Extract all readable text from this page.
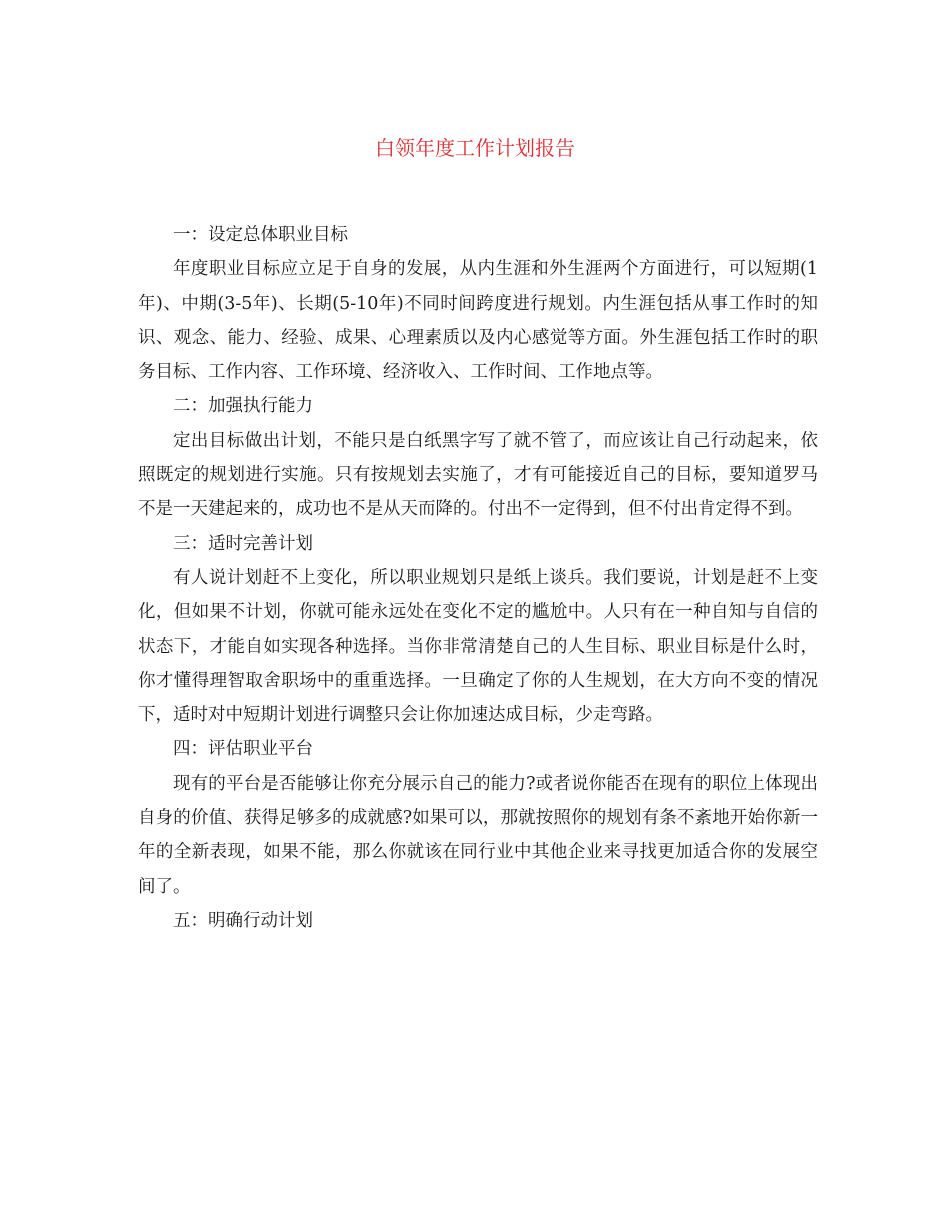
白领年度工作计划报告

一：设定总体职业目标

年度职业目标应立足于自身的发展，从内生涯和外生涯两个方面进行，可以短期(1年)、中期(3-5年)、长期(5-10年)不同时间跨度进行规划。内生涯包括从事工作时的知识、观念、能力、经验、成果、心理素质以及内心感觉等方面。外生涯包括工作时的职务目标、工作内容、工作环境、经济收入、工作时间、工作地点等。

二：加强执行能力

定出目标做出计划，不能只是白纸黑字写了就不管了，而应该让自己行动起来，依照既定的规划进行实施。只有按规划去实施了，才有可能接近自己的目标，要知道罗马不是一天建起来的，成功也不是从天而降的。付出不一定得到，但不付出肯定得不到。

三：适时完善计划

有人说计划赶不上变化，所以职业规划只是纸上谈兵。我们要说，计划是赶不上变化，但如果不计划，你就可能永远处在变化不定的尴尬中。人只有在一种自知与自信的状态下，才能自如实现各种选择。当你非常清楚自己的人生目标、职业目标是什么时，你才懂得理智取舍职场中的重重选择。一旦确定了你的人生规划，在大方向不变的情况下，适时对中短期计划进行调整只会让你加速达成目标，少走弯路。

四：评估职业平台

现有的平台是否能够让你充分展示自己的能力?或者说你能否在现有的职位上体现出自身的价值、获得足够多的成就感?如果可以，那就按照你的规划有条不紊地开始你新一年的全新表现，如果不能，那么你就该在同行业中其他企业来寻找更加适合你的发展空间了。

五：明确行动计划
